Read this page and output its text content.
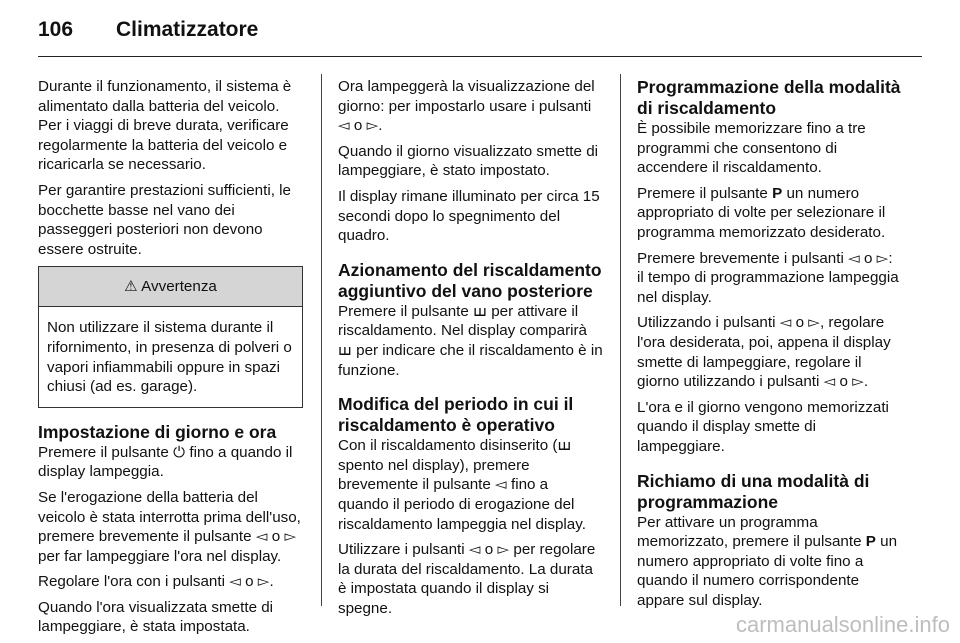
106 Climatizzatore

Durante il funzionamento, il sistema è alimentato dalla batteria del veicolo. Per i viaggi di breve durata, verificare regolarmente la batteria del veicolo e ricaricarla se necessario.

Per garantire prestazioni sufficienti, le bocchette basse nel vano dei passeggeri posteriori non devono essere ostruite.

⚠ Avvertenza
Non utilizzare il sistema durante il rifornimento, in presenza di polveri o vapori infiammabili oppure in spazi chiusi (ad es. garage).
Impostazione di giorno e ora

Premere il pulsante ⏻ fino a quando il display lampeggia.

Se l'erogazione della batteria del veicolo è stata interrotta prima dell'uso, premere brevemente il pulsante ◅ o ▻ per far lampeggiare l'ora nel display.

Regolare l'ora con i pulsanti ◅ o ▻.

Quando l'ora visualizzata smette di lampeggiare, è stata impostata.

Ora lampeggerà la visualizzazione del giorno: per impostarlo usare i pulsanti ◅ o ▻.

Quando il giorno visualizzato smette di lampeggiare, è stato impostato.

Il display rimane illuminato per circa 15 secondi dopo lo spegnimento del quadro.

Azionamento del riscaldamento aggiuntivo del vano posteriore

Premere il pulsante ꟺ per attivare il riscaldamento. Nel display comparirà ꟺ per indicare che il riscaldamento è in funzione.

Modifica del periodo in cui il riscaldamento è operativo

Con il riscaldamento disinserito (ꟺ spento nel display), premere brevemente il pulsante ◅ fino a quando il periodo di erogazione del riscaldamento lampeggia nel display.

Utilizzare i pulsanti ◅ o ▻ per regolare la durata del riscaldamento. La durata è impostata quando il display si spegne.

Programmazione della modalità di riscaldamento

È possibile memorizzare fino a tre programmi che consentono di accendere il riscaldamento.

Premere il pulsante P un numero appropriato di volte per selezionare il programma memorizzato desiderato.

Premere brevemente i pulsanti ◅ o ▻: il tempo di programmazione lampeggia nel display.

Utilizzando i pulsanti ◅ o ▻, regolare l'ora desiderata, poi, appena il display smette di lampeggiare, regolare il giorno utilizzando i pulsanti ◅ o ▻.

L'ora e il giorno vengono memorizzati quando il display smette di lampeggiare.

Richiamo di una modalità di programmazione

Per attivare un programma memorizzato, premere il pulsante P un numero appropriato di volte fino a quando il numero corrispondente appare sul display.

carmanualsonline.info
